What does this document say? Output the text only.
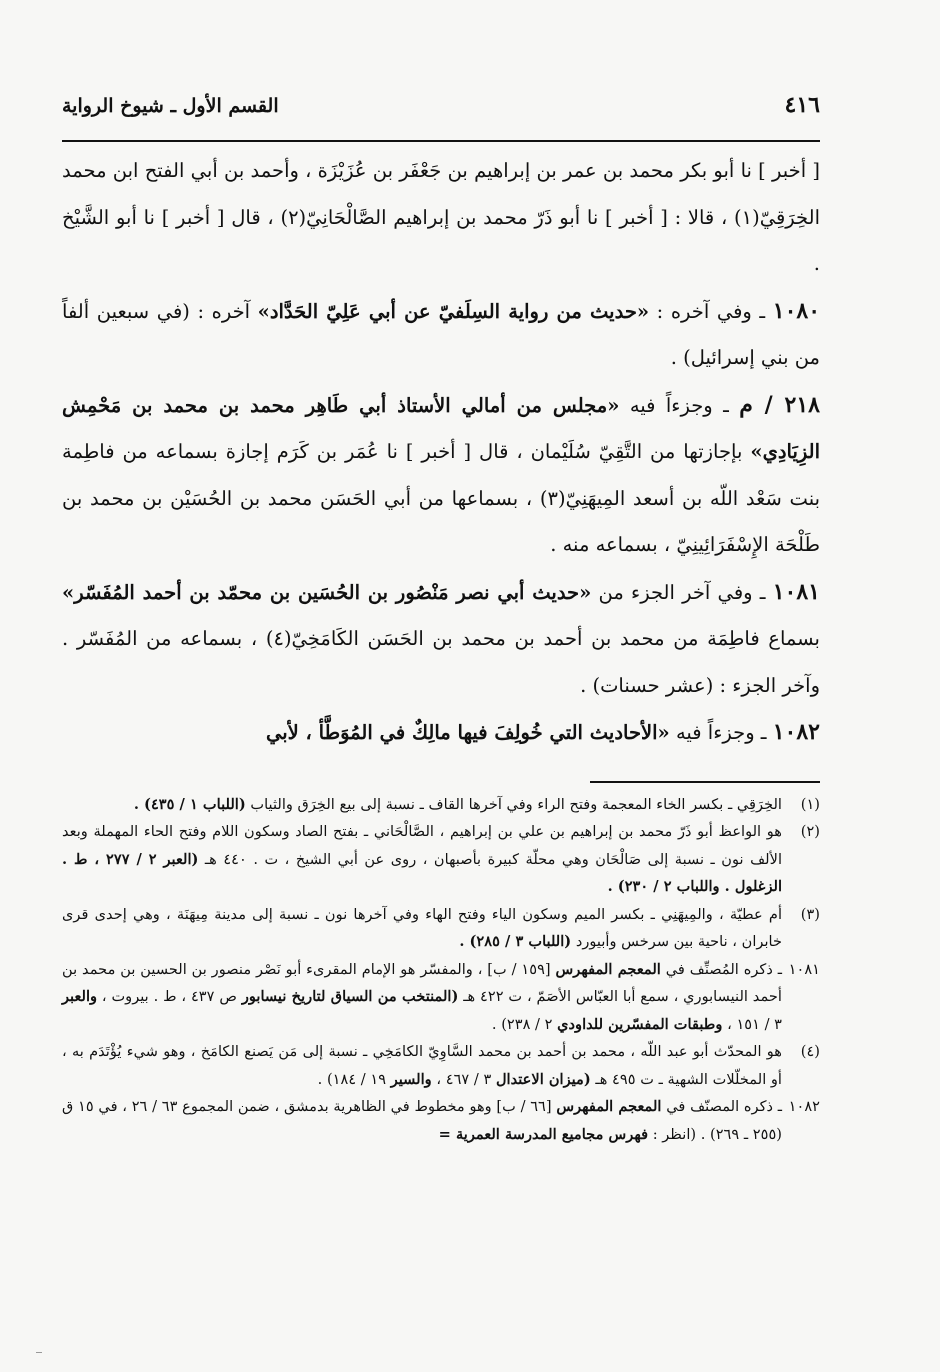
٤١٦
القسم الأول ـ شيوخ الرواية

[ أخبر ] نا أبو بكر محمد بن عمر بن إبراهيم بن جَعْفَر بن عُزَيْزَة ، وأحمد بن أبي الفتح ابن محمد الخِرَقِيّ(١) ، قالا : [ أخبر ] نا أبو ذَرّ محمد بن إبراهيم الصَّالْحَانِيّ(٢) ، قال [ أخبر ] نا أبو الشَّيْخ .

١٠٨٠ ـ وفي آخره : «حديث من رواية السِلَفيّ عن أبي عَلِيّ الحَدَّاد» آخره : (في سبعين ألفاً من بني إسرائيل) .

٢١٨ / م ـ وجزءاً فيه «مجلس من أمالي الأستاذ أبي طَاهِر محمد بن محمد بن مَحْمِش الزِيَادِي» بإجازتها من التَّقِيّ سُلَيْمان ، قال [ أخبر ] نا عُمَر بن كَرَم إجازة بسماعه من فاطِمة بنت سَعْد اللّه بن أسعد المِيهَنِيّ(٣) ، بسماعها من أبي الحَسَن محمد بن الحُسَيْن بن محمد بن طَلْحَة الإِسْفَرَائِينِيّ ، بسماعه منه .

١٠٨١ ـ وفي آخر الجزء من «حديث أبي نصر مَنْصُور بن الحُسَين بن محمّد بن أحمد المُفَسّر» بسماع فاطِمَة من محمد بن أحمد بن محمد بن الحَسَن الكَامَخِيّ(٤) ، بسماعه من المُفَسّر . وآخر الجزء : (عشر حسنات) .

١٠٨٢ ـ وجزءاً فيه «الأحاديث التي خُولِفَ فيها مالِكٌ في المُوَطَّأ ، لأبي

(١)الخِرَقِي ـ بكسر الخاء المعجمة وفتح الراء وفي آخرها القاف ـ نسبة إلى بيع الخِرَق والثياب (اللباب ١ / ٤٣٥) .

(٢)هو الواعظ أبو ذَرّ محمد بن إبراهيم بن علي بن إبراهيم ، الصَّالْحَاني ـ بفتح الصاد وسكون اللام وفتح الحاء المهملة وبعد الألف نون ـ نسبة إلى صَالْحَان وهي محلّة كبيرة بأصبهان ، روى عن أبي الشيخ ، ت . ٤٤٠ هـ (العبر ٢ / ٢٧٧ ، ط . الزغلول . واللباب ٢ / ٢٣٠) .

(٣)أم عطيّة ، والمِيهَنِي ـ بكسر الميم وسكون الياء وفتح الهاء وفي آخرها نون ـ نسبة إلى مدينة مِيهَنَة ، وهي إحدى قرى خابران ، ناحية بين سرخس وأبيورد (اللباب ٣ / ٢٨٥) .

١٠٨١ـ ذكره المُصنِّف في المعجم المفهرس [١٥٩ / ب] ، والمفسّر هو الإمام المقرىء أبو نَصْر منصور بن الحسين بن محمد بن أحمد النيسابوري ، سمع أبا العبّاس الأصَمّ ، ت ٤٢٢ هـ (المنتخب من السياق لتاريخ نيسابور ص ٤٣٧ ، ط . بيروت ، والعبر ٣ / ١٥١ ، وطبقات المفسّرين للداودي ٢ / ٢٣٨) .

(٤)هو المحدّث أبو عبد اللّه ، محمد بن أحمد بن محمد السَّاوِيّ الكامَخِي ـ نسبة إلى مَن يَصنع الكامَخ ، وهو شيء يُؤْتَدَم به ، أو المخلّلات الشهية ـ ت ٤٩٥ هـ (ميزان الاعتدال ٣ / ٤٦٧ ، والسير ١٩ / ١٨٤) .

١٠٨٢ـ ذكره المصنّف في المعجم المفهرس [٦٦ / ب] وهو مخطوط في الظاهرية بدمشق ، ضمن المجموع ٦٣ / ٢٦ ، في ١٥ ق (٢٥٥ ـ ٢٦٩) . (انظر : فهرس مجاميع المدرسة العمرية =
